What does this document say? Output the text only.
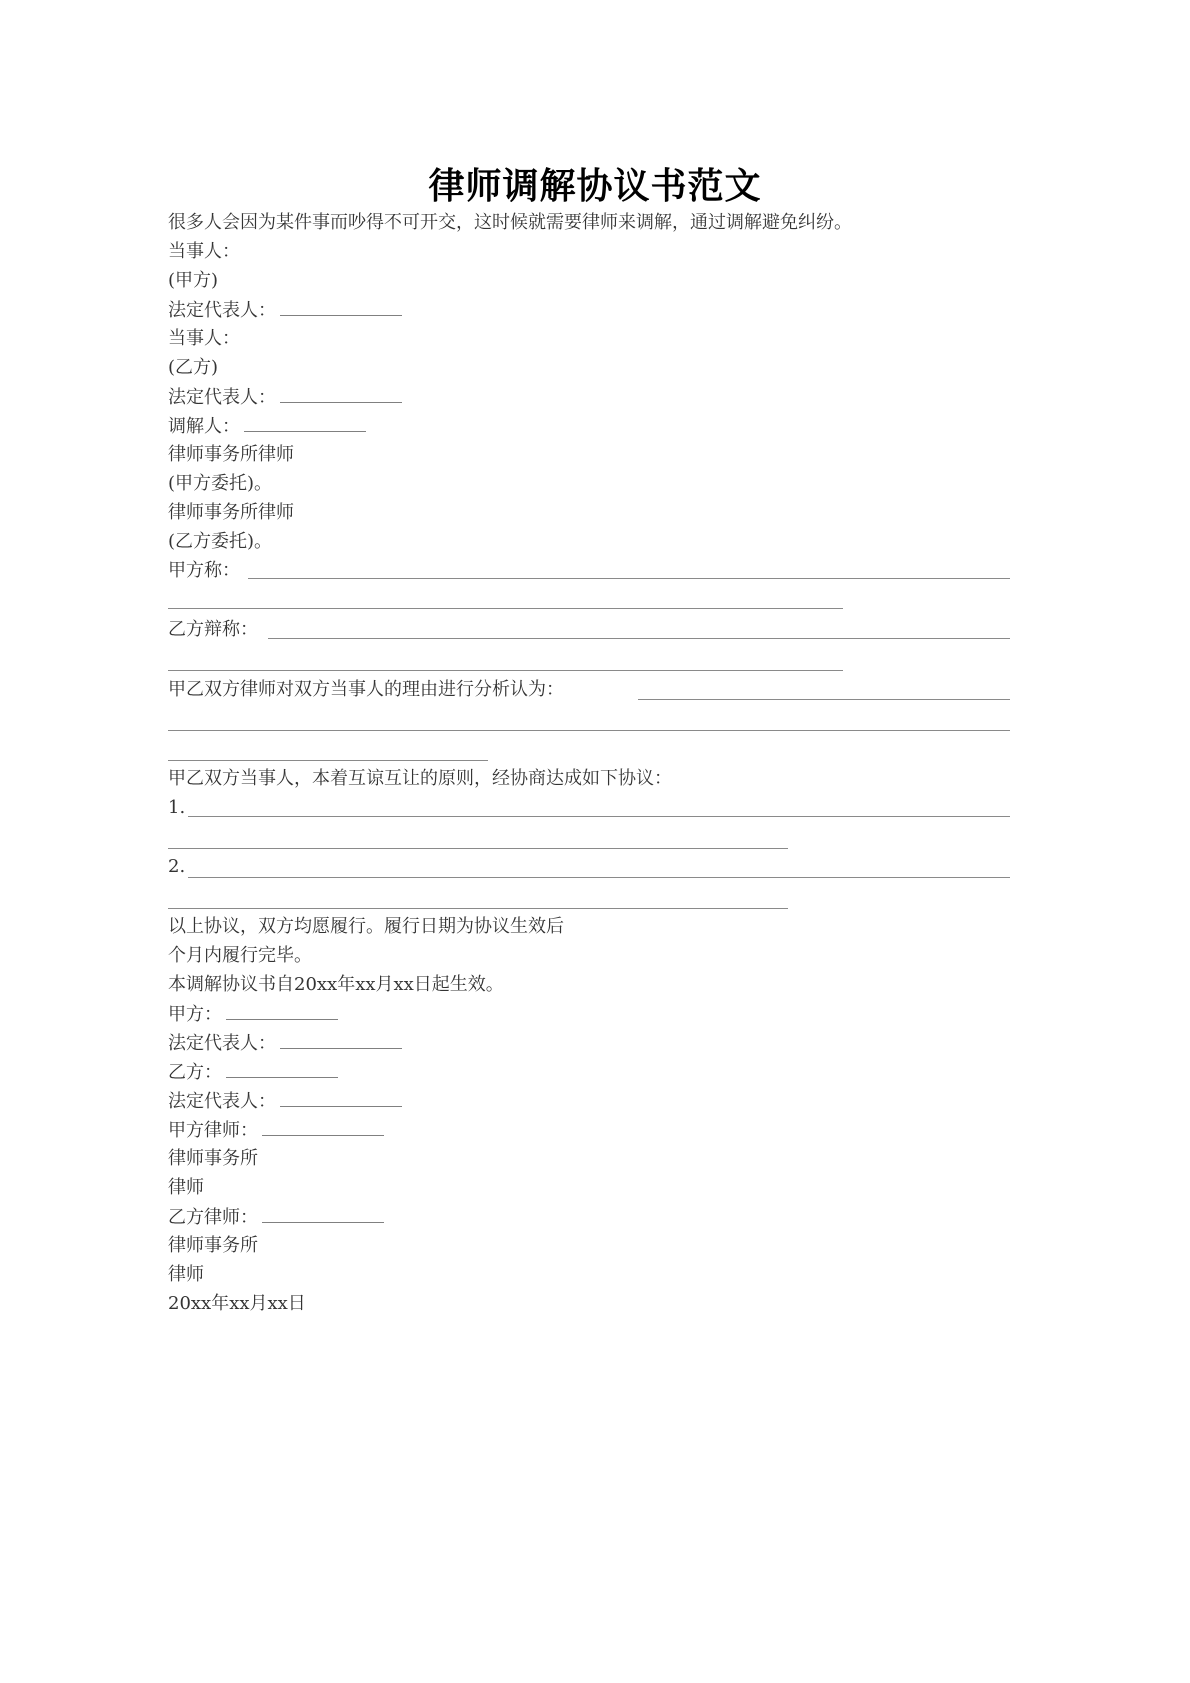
律师调解协议书范文
很多人会因为某件事而吵得不可开交，这时候就需要律师来调解，通过调解避免纠纷。
当事人：
(甲方)
法定代表人：
当事人：
(乙方)
法定代表人：
调解人：
律师事务所律师
(甲方委托)。
律师事务所律师
(乙方委托)。
甲方称：
乙方辩称：
甲乙双方律师对双方当事人的理由进行分析认为：
甲乙双方当事人，本着互谅互让的原则，经协商达成如下协议：
1.
2.
以上协议，双方均愿履行。履行日期为协议生效后
个月内履行完毕。
本调解协议书自20xx年xx月xx日起生效。
甲方：
法定代表人：
乙方：
法定代表人：
甲方律师：
律师事务所
律师
乙方律师：
律师事务所
律师
20xx年xx月xx日
